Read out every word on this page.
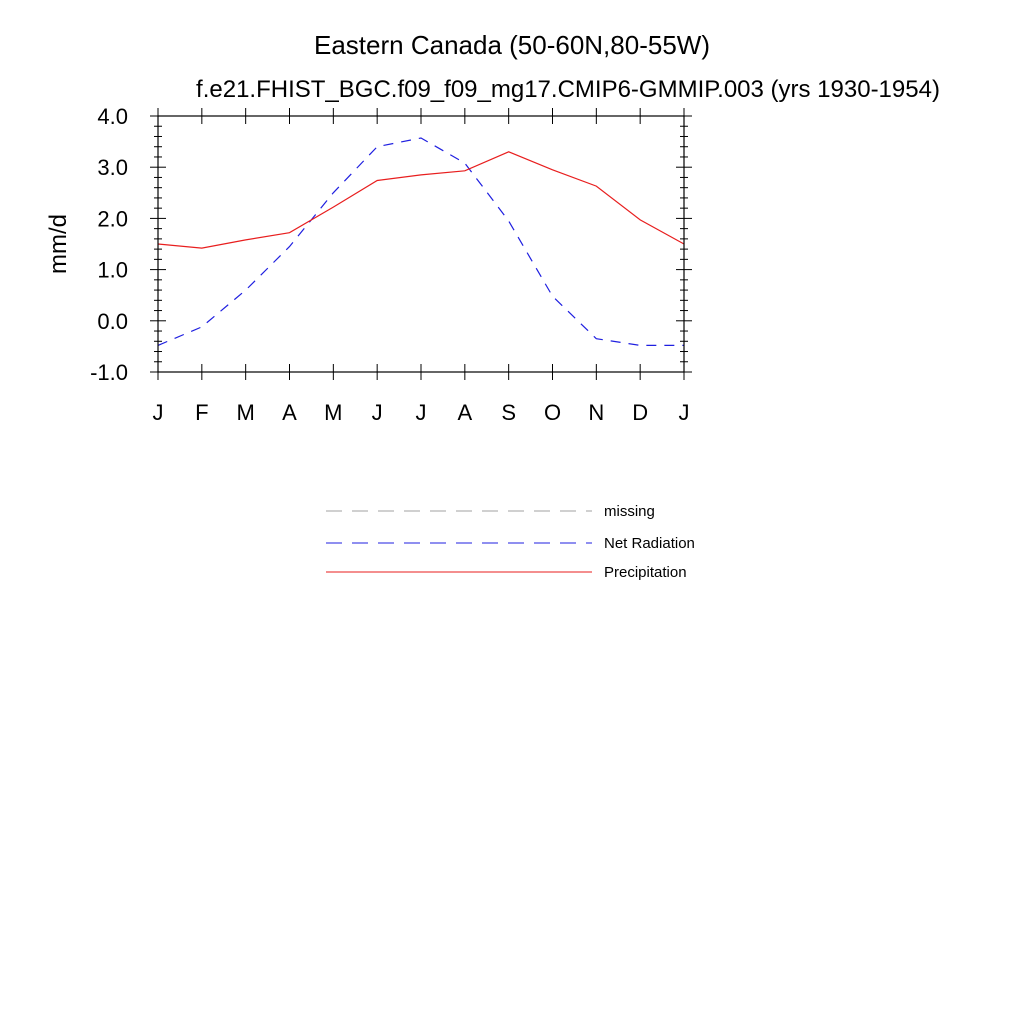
Eastern Canada (50-60N,80-55W)
f.e21.FHIST_BGC.f09_f09_mg17.CMIP6-GMMIP.003 (yrs 1930-1954)
mm/d
-1.0
0.0
1.0
2.0
3.0
4.0
J F M A M J J A S O N D J
missing
Net Radiation
Precipitation
